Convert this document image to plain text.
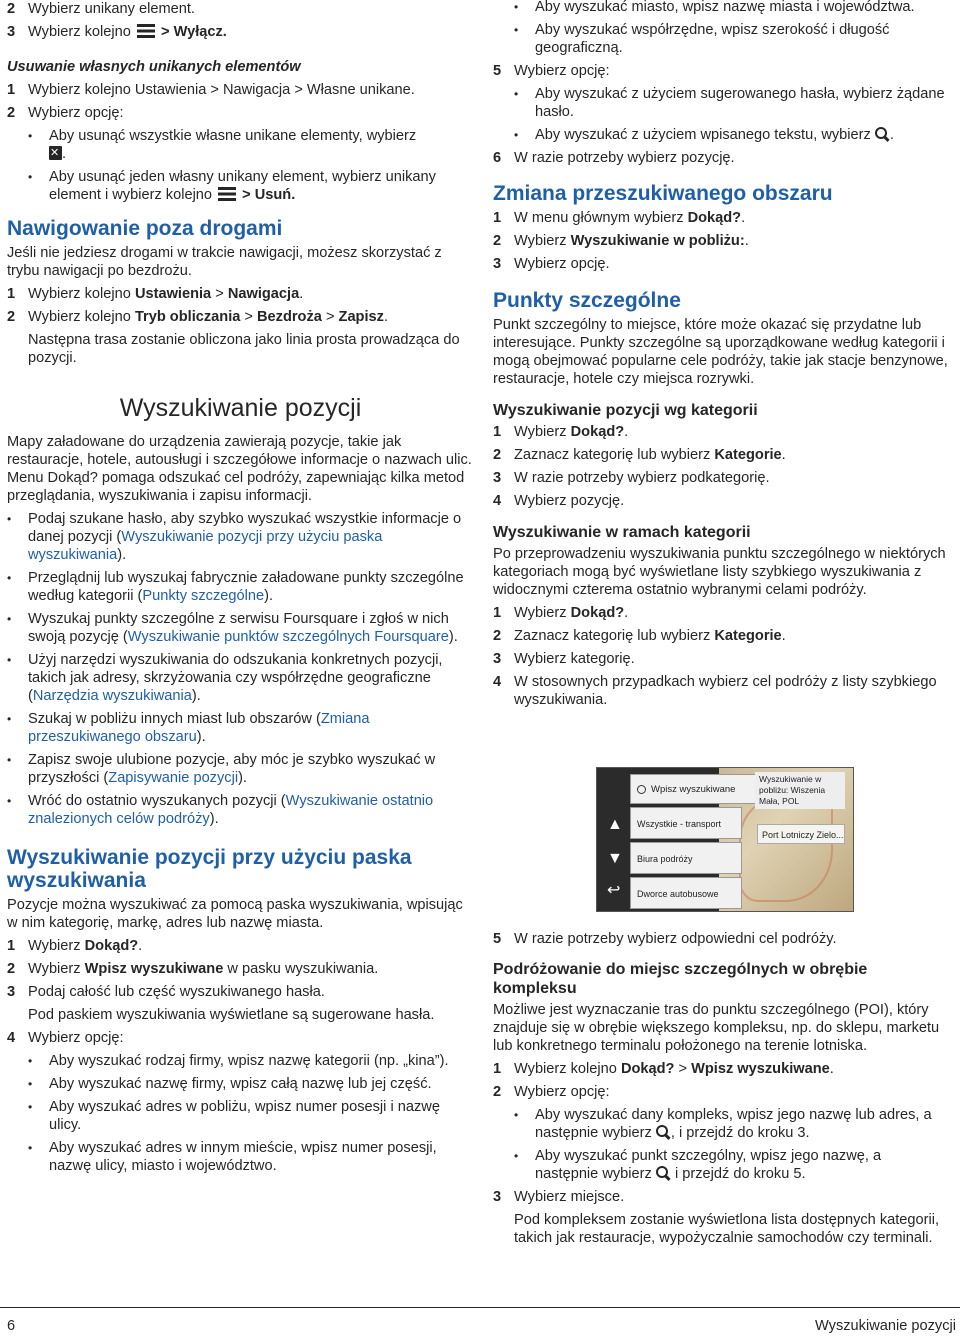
2 Wybierz unikany element.
3 Wybierz kolejno  > Wyłącz.

Usuwanie własnych unikanych elementów

1 Wybierz kolejno Ustawienia > Nawigacja > Własne unikane.
2 Wybierz opcję:
• Aby usunąć wszystkie własne unikane elementy, wybierz
✕.
• Aby usunąć jeden własny unikany element, wybierz unikany element i wybierz kolejno  > Usuń.

Nawigowanie poza drogami

Jeśli nie jedziesz drogami w trakcie nawigacji, możesz skorzystać z trybu nawigacji po bezdrożu.

1 Wybierz kolejno Ustawienia > Nawigacja.
2 Wybierz kolejno Tryb obliczania > Bezdroża > Zapisz.

Następna trasa zostanie obliczona jako linia prosta prowadząca do pozycji.

Wyszukiwanie pozycji

Mapy załadowane do urządzenia zawierają pozycje, takie jak restauracje, hotele, autousługi i szczegółowe informacje o nazwach ulic. Menu Dokąd? pomaga odszukać cel podróży, zapewniając kilka metod przeglądania, wyszukiwania i zapisu informacji.

• Podaj szukane hasło, aby szybko wyszukać wszystkie informacje o danej pozycji (Wyszukiwanie pozycji przy użyciu paska wyszukiwania).
• Przeglądnij lub wyszukaj fabrycznie załadowane punkty szczególne według kategorii (Punkty szczególne).
• Wyszukaj punkty szczególne z serwisu Foursquare i zgłoś w nich swoją pozycję (Wyszukiwanie punktów szczególnych Foursquare).
• Użyj narzędzi wyszukiwania do odszukania konkretnych pozycji, takich jak adresy, skrzyżowania czy współrzędne geograficzne (Narzędzia wyszukiwania).
• Szukaj w pobliżu innych miast lub obszarów (Zmiana przeszukiwanego obszaru).
• Zapisz swoje ulubione pozycje, aby móc je szybko wyszukać w przyszłości (Zapisywanie pozycji).
• Wróć do ostatnio wyszukanych pozycji (Wyszukiwanie ostatnio znalezionych celów podróży).

Wyszukiwanie pozycji przy użyciu paska wyszukiwania

Pozycje można wyszukiwać za pomocą paska wyszukiwania, wpisując w nim kategorię, markę, adres lub nazwę miasta.

1 Wybierz Dokąd?.
2 Wybierz Wpisz wyszukiwane w pasku wyszukiwania.
3 Podaj całość lub część wyszukiwanego hasła.

Pod paskiem wyszukiwania wyświetlane są sugerowane hasła.

4 Wybierz opcję:
• Aby wyszukać rodzaj firmy, wpisz nazwę kategorii (np. „kina”).
• Aby wyszukać nazwę firmy, wpisz całą nazwę lub jej część.
• Aby wyszukać adres w pobliżu, wpisz numer posesji i nazwę ulicy.
• Aby wyszukać adres w innym mieście, wpisz numer posesji, nazwę ulicy, miasto i województwo.
• Aby wyszukać miasto, wpisz nazwę miasta i województwa.
• Aby wyszukać współrzędne, wpisz szerokość i długość geograficzną.
5 Wybierz opcję:
• Aby wyszukać z użyciem sugerowanego hasła, wybierz żądane hasło.
• Aby wyszukać z użyciem wpisanego tekstu, wybierz .
6 W razie potrzeby wybierz pozycję.

Zmiana przeszukiwanego obszaru

1 W menu głównym wybierz Dokąd?.
2 Wybierz Wyszukiwanie w pobliżu:.
3 Wybierz opcję.

Punkty szczególne

Punkt szczególny to miejsce, które może okazać się przydatne lub interesujące. Punkty szczególne są uporządkowane według kategorii i mogą obejmować popularne cele podróży, takie jak stacje benzynowe, restauracje, hotele czy miejsca rozrywki.

Wyszukiwanie pozycji wg kategorii

1 Wybierz Dokąd?.
2 Zaznacz kategorię lub wybierz Kategorie.
3 W razie potrzeby wybierz podkategorię.
4 Wybierz pozycję.

Wyszukiwanie w ramach kategorii

Po przeprowadzeniu wyszukiwania punktu szczególnego w niektórych kategoriach mogą być wyświetlane listy szybkiego wyszukiwania z widocznymi czterema ostatnio wybranymi celami podróży.

1 Wybierz Dokąd?.
2 Zaznacz kategorię lub wybierz Kategorie.
3 Wybierz kategorię.
4 W stosownych przypadkach wybierz cel podróży z listy szybkiego wyszukiwania.
5 W razie potrzeby wybierz odpowiedni cel podróży.

Podróżowanie do miejsc szczególnych w obrębie kompleksu

Możliwe jest wyznaczanie tras do punktu szczególnego (POI), który znajduje się w obrębie większego kompleksu, np. do sklepu, marketu lub konkretnego terminalu położonego na terenie lotniska.

1 Wybierz kolejno Dokąd? > Wpisz wyszukiwane.
2 Wybierz opcję:
• Aby wyszukać dany kompleks, wpisz jego nazwę lub adres, a następnie wybierz , i przejdź do kroku 3.
• Aby wyszukać punkt szczególny, wpisz jego nazwę, a następnie wybierz  i przejdź do kroku 5.
3 Wybierz miejsce.

Pod kompleksem zostanie wyświetlona lista dostępnych kategorii, takich jak restauracje, wypożyczalnie samochodów czy terminali.

Wpisz wyszukiwane
Wyszukiwanie w pobliżu: Wiszenia Mała, POL
Wszystkie - transport
Biura podróży
Dworce autobusowe
Port Lotniczy Zielo...
▲
▼
↩
6	Wyszukiwanie pozycji
